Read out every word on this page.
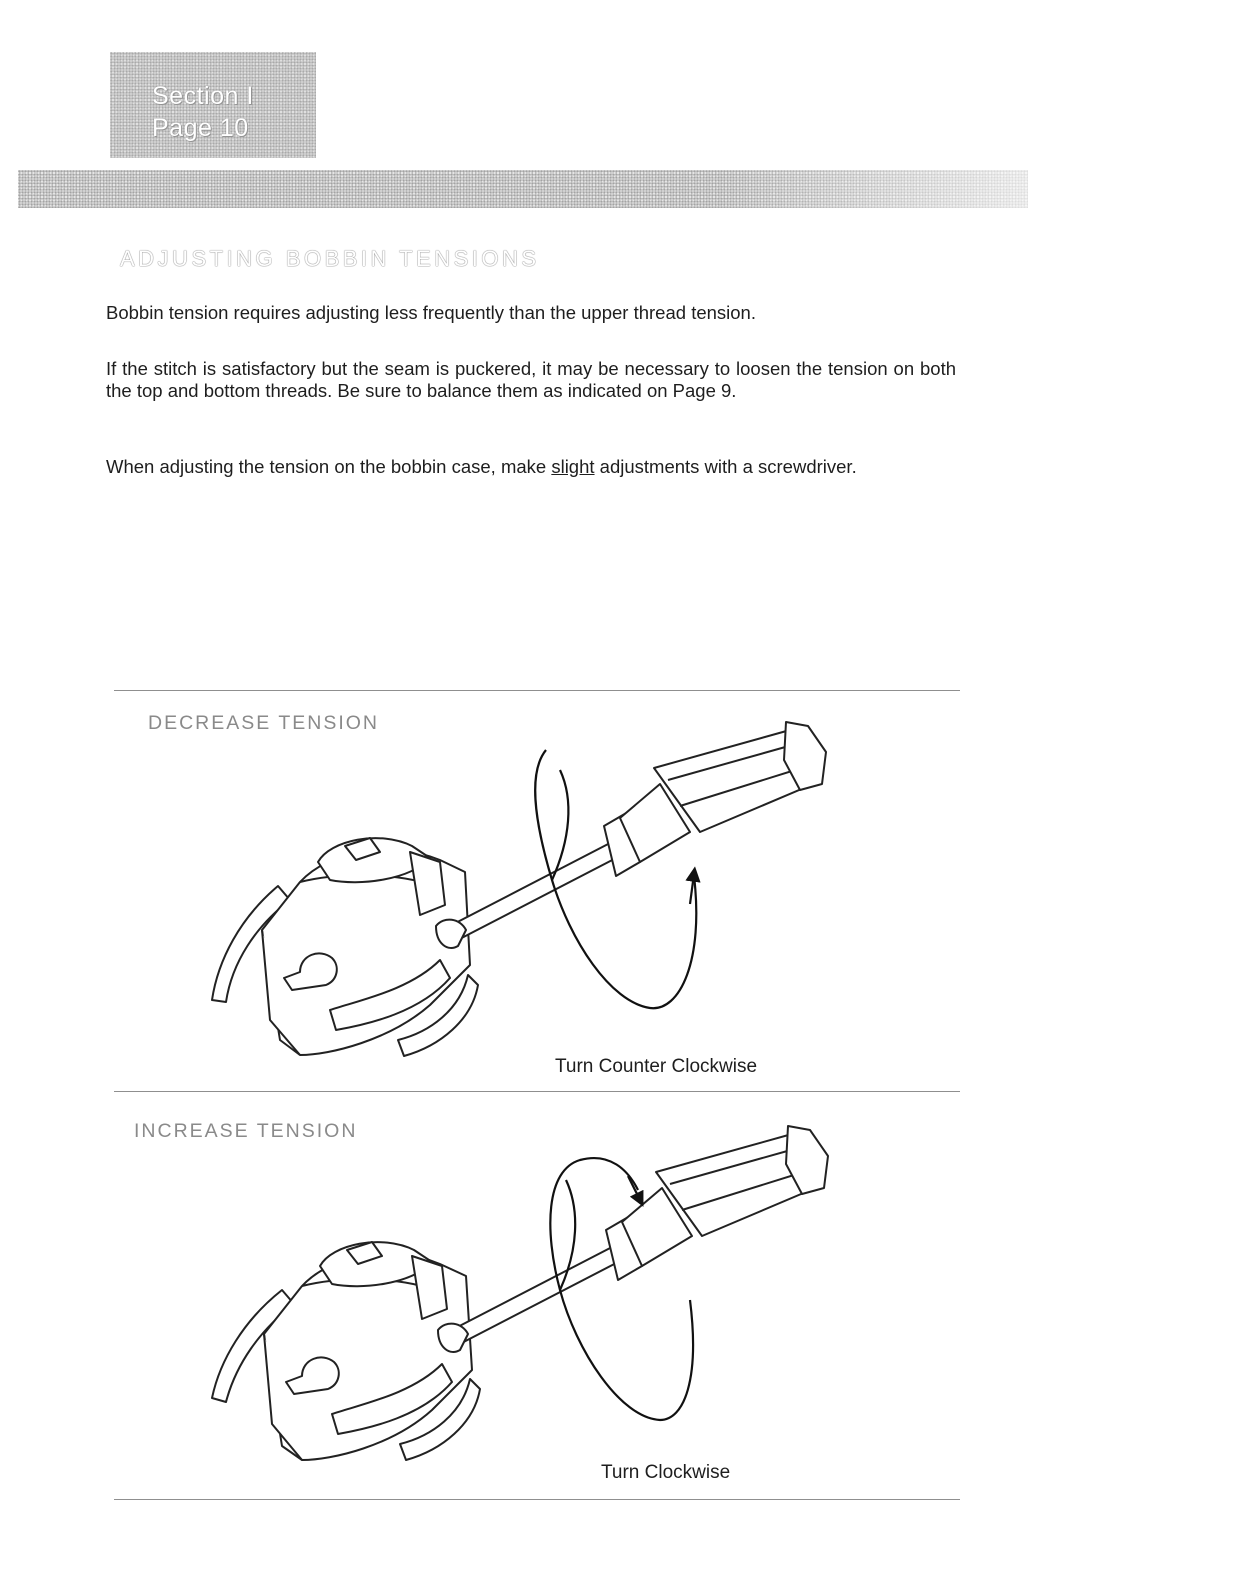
Section I
Page 10
ADJUSTING BOBBIN TENSIONS
Bobbin tension requires adjusting less frequently than the upper thread tension.
If the stitch is satisfactory but the seam is puckered, it may be necessary to loosen the tension on both the top and bottom threads. Be sure to balance them as indicated on Page 9.
When adjusting the tension on the bobbin case, make slight adjustments with a screwdriver.
DECREASE TENSION
INCREASE TENSION
Turn Counter Clockwise
Turn Clockwise
